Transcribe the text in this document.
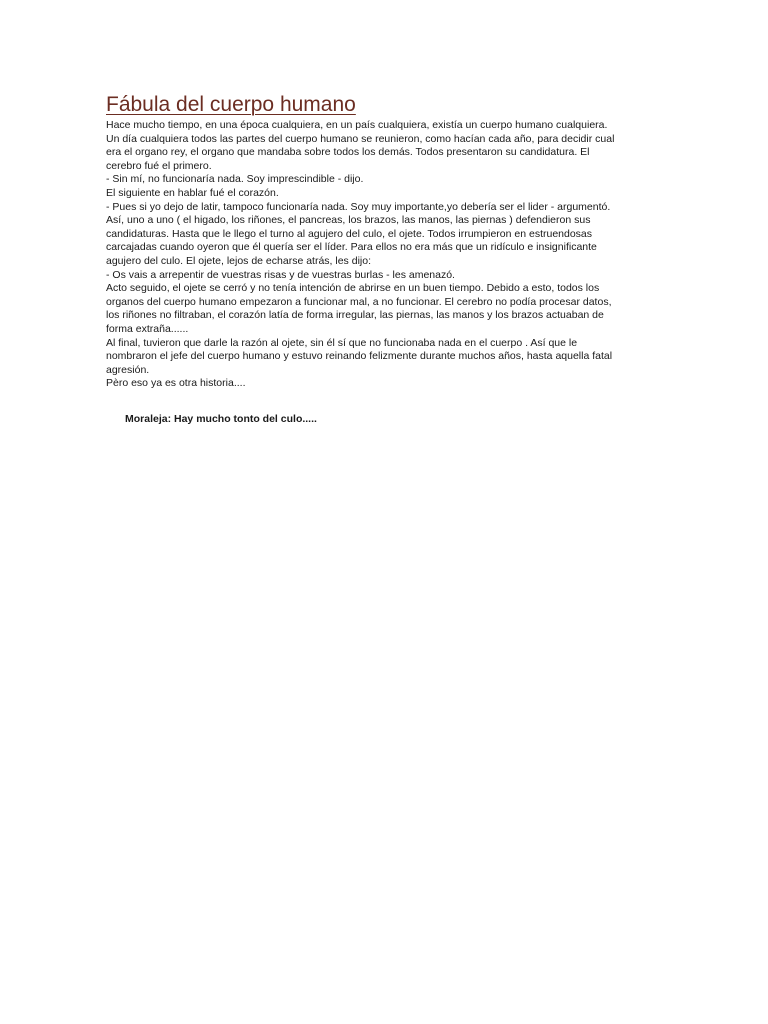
Fábula del cuerpo humano
Hace mucho tiempo, en una época cualquiera, en un país cualquiera, existía un cuerpo humano cualquiera.
Un día cualquiera todos las partes del cuerpo humano se reunieron, como hacían cada año, para decidir cual
era el organo rey, el organo que mandaba sobre todos los demás. Todos presentaron su candidatura. El
cerebro fué el primero.
- Sin mí, no funcionaría nada. Soy imprescindible - dijo.
El siguiente en hablar fué el corazón.
- Pues si yo dejo de latir, tampoco funcionaría nada. Soy muy importante,yo debería ser el lider - argumentó.
Así, uno a uno ( el higado, los riñones, el pancreas, los brazos, las manos, las piernas ) defendieron sus
candidaturas. Hasta que le llego el turno al agujero del culo, el ojete. Todos irrumpieron en estruendosas
carcajadas cuando oyeron que él quería ser el líder. Para ellos no era más que un ridículo e insignificante
agujero del culo. El ojete, lejos de echarse atrás, les dijo:
- Os vais a arrepentir de vuestras risas y de vuestras burlas - les amenazó.
Acto seguido, el ojete se cerró y no tenía intención de abrirse en un buen tiempo. Debido a esto, todos los
organos del cuerpo humano empezaron a funcionar mal, a no funcionar. El cerebro no podía procesar datos,
los riñones no filtraban, el corazón latía de forma irregular, las piernas, las manos y los brazos actuaban de
forma extraña......
Al final, tuvieron que darle la razón al ojete, sin él sí que no funcionaba nada en el cuerpo . Así que le
nombraron el jefe del cuerpo humano y estuvo reinando felizmente durante muchos años, hasta aquella fatal
agresión.
Pèro eso ya es otra historia....

Moraleja: Hay mucho tonto del culo.....
